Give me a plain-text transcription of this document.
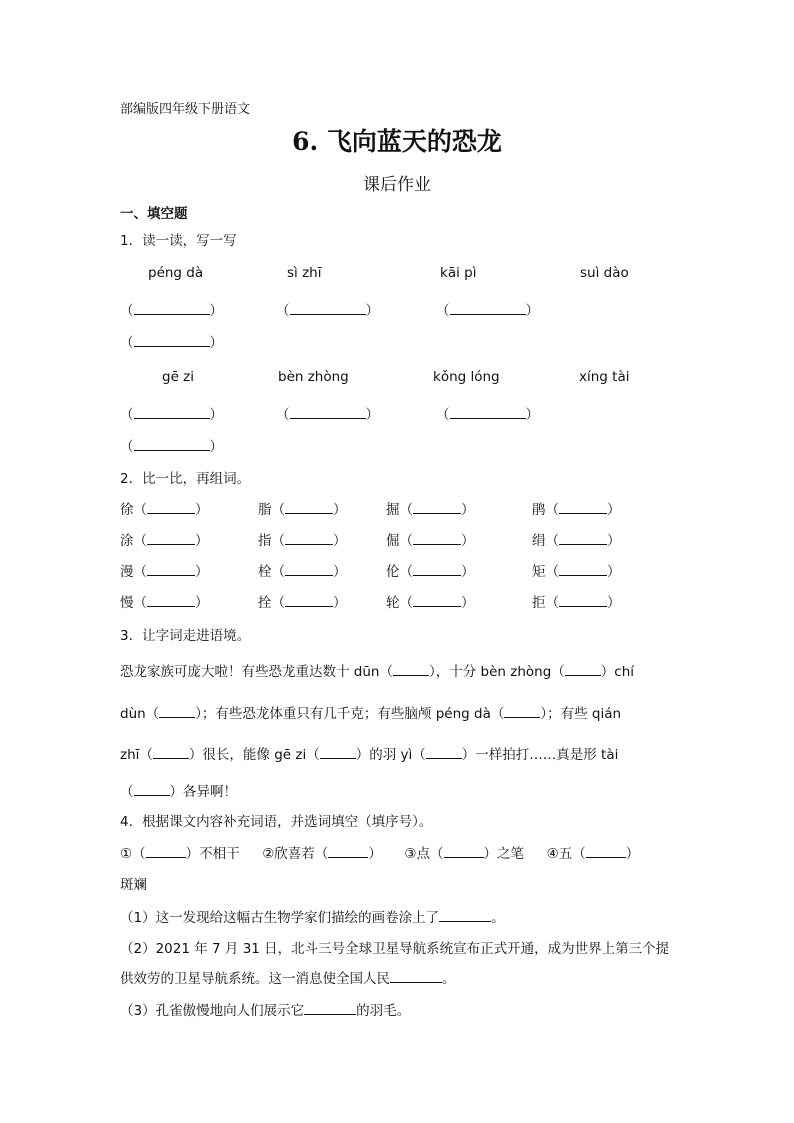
部编版四年级下册语文
6. 飞向蓝天的恐龙
课后作业
一、填空题
1．读一读，写一写
péng dà	sì zhī	kāi pì	suì dào
（	）	（	）	（	）
（	）
gē zi	bèn zhòng	kǒng lóng	xíng tài
（	）	（	）	（	）
（	）
2．比一比，再组词。
徐（	）	脂（	）	掘（	）	鹃（	）
涂（	）	指（	）	倔（	）	绢（	）
漫（	）	栓（	）	伦（	）	矩（	）
慢（	）	拴（	）	轮（	）	拒（	）
3．让字词走进语境。
恐龙家族可庞大啦！有些恐龙重达数十 dūn（	），十分 bèn zhòng（	）chí
dùn（	）；有些恐龙体重只有几千克；有些脑颅 péng dà（	）；有些 qián
zhī（	）很长，能像 gē zi（	）的羽 yì（	）一样拍打……真是形 tài
（	）各异啊！
4．根据课文内容补充词语，并选词填空（填序号）。
①（	）不相干 ②欣喜若（	） ③点（	）之笔 ④五（	）
斑斓
（1）这一发现给这幅古生物学家们描绘的画卷涂上了	。
（2）2021 年 7 月 31 日，北斗三号全球卫星导航系统宣布正式开通，成为世界上第三个提
供效劳的卫星导航系统。这一消息使全国人民	。
（3）孔雀傲慢地向人们展示它	的羽毛。
